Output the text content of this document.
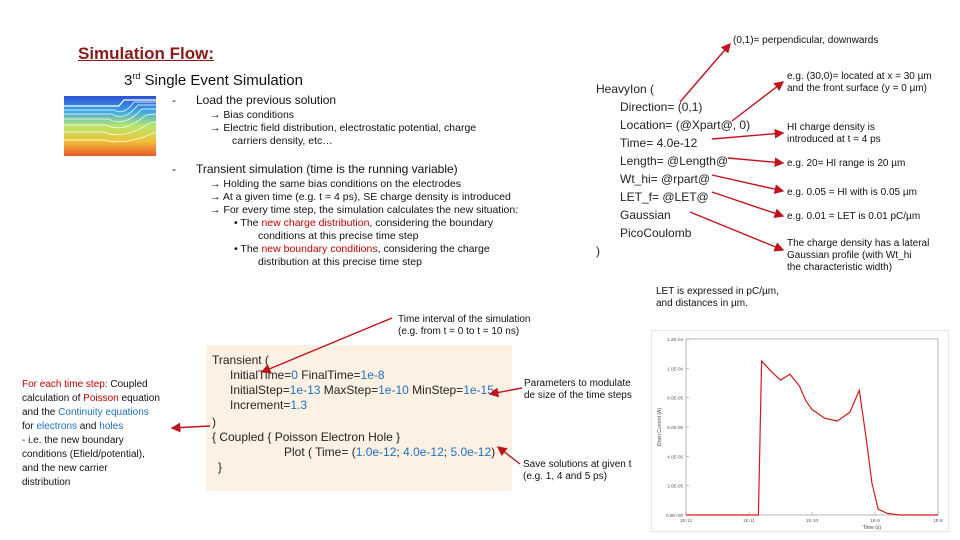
Simulation Flow:
3rd Single Event Simulation
- Load the previous solution
→ Bias conditions
→ Electric field distribution, electrostatic potential, charge
carriers density, etc…
- Transient simulation (time is the running variable)
→ Holding the same bias conditions on the electrodes
→ At a given time (e.g. t = 4 ps), SE charge density is introduced
→ For every time step, the simulation calculates the new situation:
• The new charge distribution, considering the boundary
conditions at this precise time step
• The new boundary conditions, considering the charge
distribution at this precise time step
HeavyIon (
Direction= (0,1)
Location= (@Xpart@, 0)
Time= 4.0e-12
Length= @Length@
Wt_hi= @rpart@
LET_f= @LET@
Gaussian
PicoCoulomb
)
(0,1)= perpendicular, downwards
e.g. (30,0)= located at x = 30 µm
and the front surface (y = 0 µm)
HI charge density is
introduced at t = 4 ps
e.g. 20= HI range is 20 µm
e.g. 0.05 = HI with is 0.05 µm
e.g. 0.01 = LET is 0.01 pC/µm
The charge density has a lateral
Gaussian profile (with Wt_hi
the characteristic width)
LET is expressed in pC/µm,
and distances in µm.
Time interval of the simulation
(e.g. from t = 0 to t = 10 ns)
Transient (
InitialTime=0 FinalTime=1e-8
InitialStep=1e-13 MaxStep=1e-10 MinStep=1e-15
Increment=1.3
)
{ Coupled { Poisson Electron Hole }
Plot ( Time= (1.0e-12; 4.0e-12; 5.0e-12)
}
Parameters to modulate
de size of the time steps
Save solutions at given t
(e.g. 1, 4 and 5 ps)
For each time step: Coupled
calculation of Poisson equation
and the Continuity equations
for electrons and holes
- i.e. the new boundary
conditions (Efield/potential),
and the new carrier
distribution
1.2E-04
1.0E-04
8.0E-05
6.0E-05
4.0E-05
2.0E-05
0.0E+00
1E-12	1E-11	1E-10	1E-9	1E-8
Drain Current (A)
Time (s)
